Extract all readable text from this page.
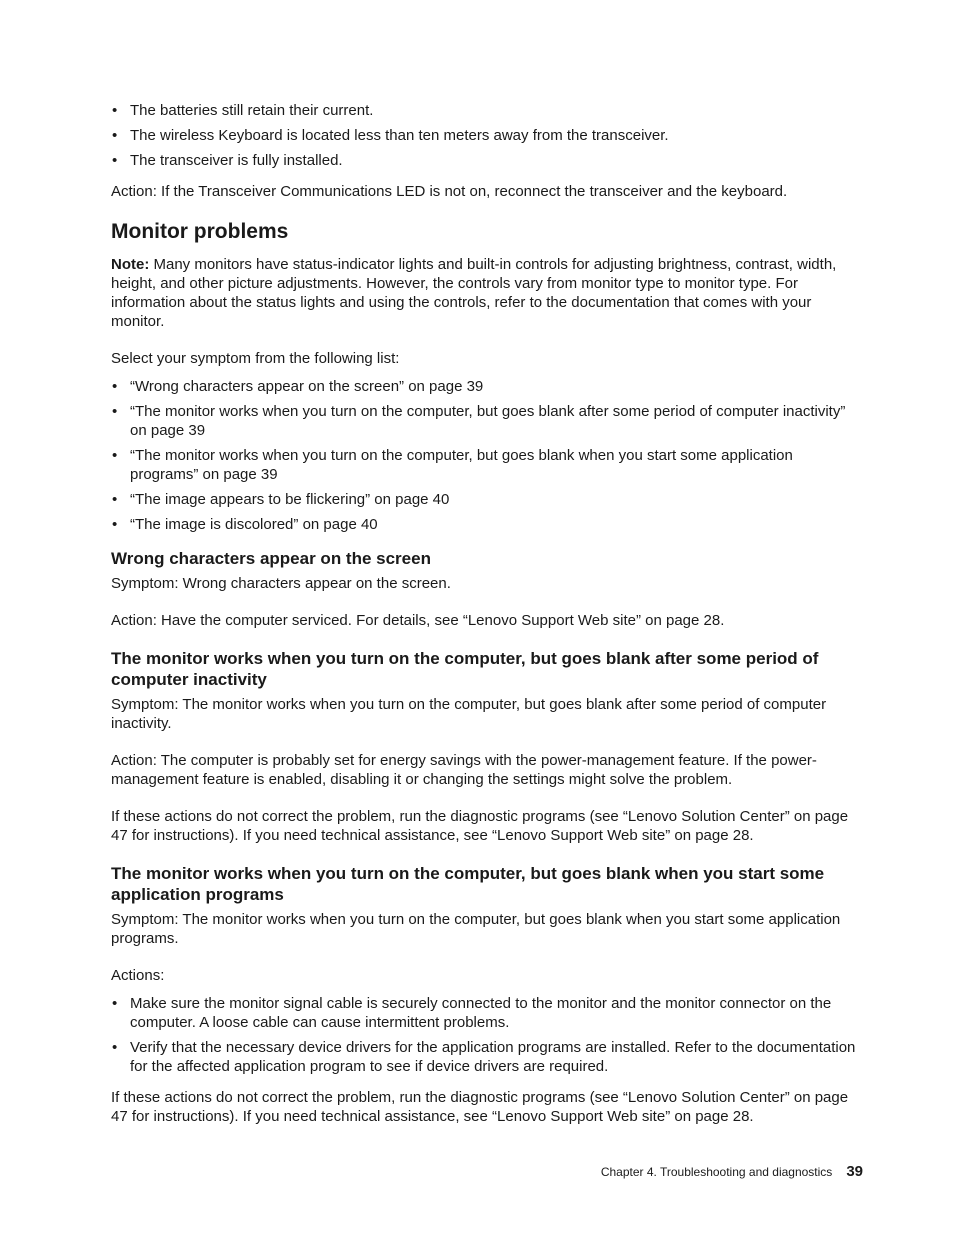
• The batteries still retain their current.
• The wireless Keyboard is located less than ten meters away from the transceiver.
• The transceiver is fully installed.

Action: If the Transceiver Communications LED is not on, reconnect the transceiver and the keyboard.

Monitor problems

Note: Many monitors have status-indicator lights and built-in controls for adjusting brightness, contrast, width, height, and other picture adjustments. However, the controls vary from monitor type to monitor type. For information about the status lights and using the controls, refer to the documentation that comes with your monitor.

Select your symptom from the following list:

• “Wrong characters appear on the screen” on page 39
• “The monitor works when you turn on the computer, but goes blank after some period of computer inactivity” on page 39
• “The monitor works when you turn on the computer, but goes blank when you start some application programs” on page 39
• “The image appears to be flickering” on page 40
• “The image is discolored” on page 40
Wrong characters appear on the screen

Symptom: Wrong characters appear on the screen.

Action: Have the computer serviced. For details, see “Lenovo Support Web site” on page 28.

The monitor works when you turn on the computer, but goes blank after some period of computer inactivity

Symptom: The monitor works when you turn on the computer, but goes blank after some period of computer inactivity.

Action: The computer is probably set for energy savings with the power-management feature. If the power-management feature is enabled, disabling it or changing the settings might solve the problem.

If these actions do not correct the problem, run the diagnostic programs (see “Lenovo Solution Center” on page 47 for instructions). If you need technical assistance, see “Lenovo Support Web site” on page 28.

The monitor works when you turn on the computer, but goes blank when you start some application programs

Symptom: The monitor works when you turn on the computer, but goes blank when you start some application programs.

Actions:

• Make sure the monitor signal cable is securely connected to the monitor and the monitor connector on the computer. A loose cable can cause intermittent problems.
• Verify that the necessary device drivers for the application programs are installed. Refer to the documentation for the affected application program to see if device drivers are required.

If these actions do not correct the problem, run the diagnostic programs (see “Lenovo Solution Center” on page 47 for instructions). If you need technical assistance, see “Lenovo Support Web site” on page 28.

Chapter 4. Troubleshooting and diagnostics 39
